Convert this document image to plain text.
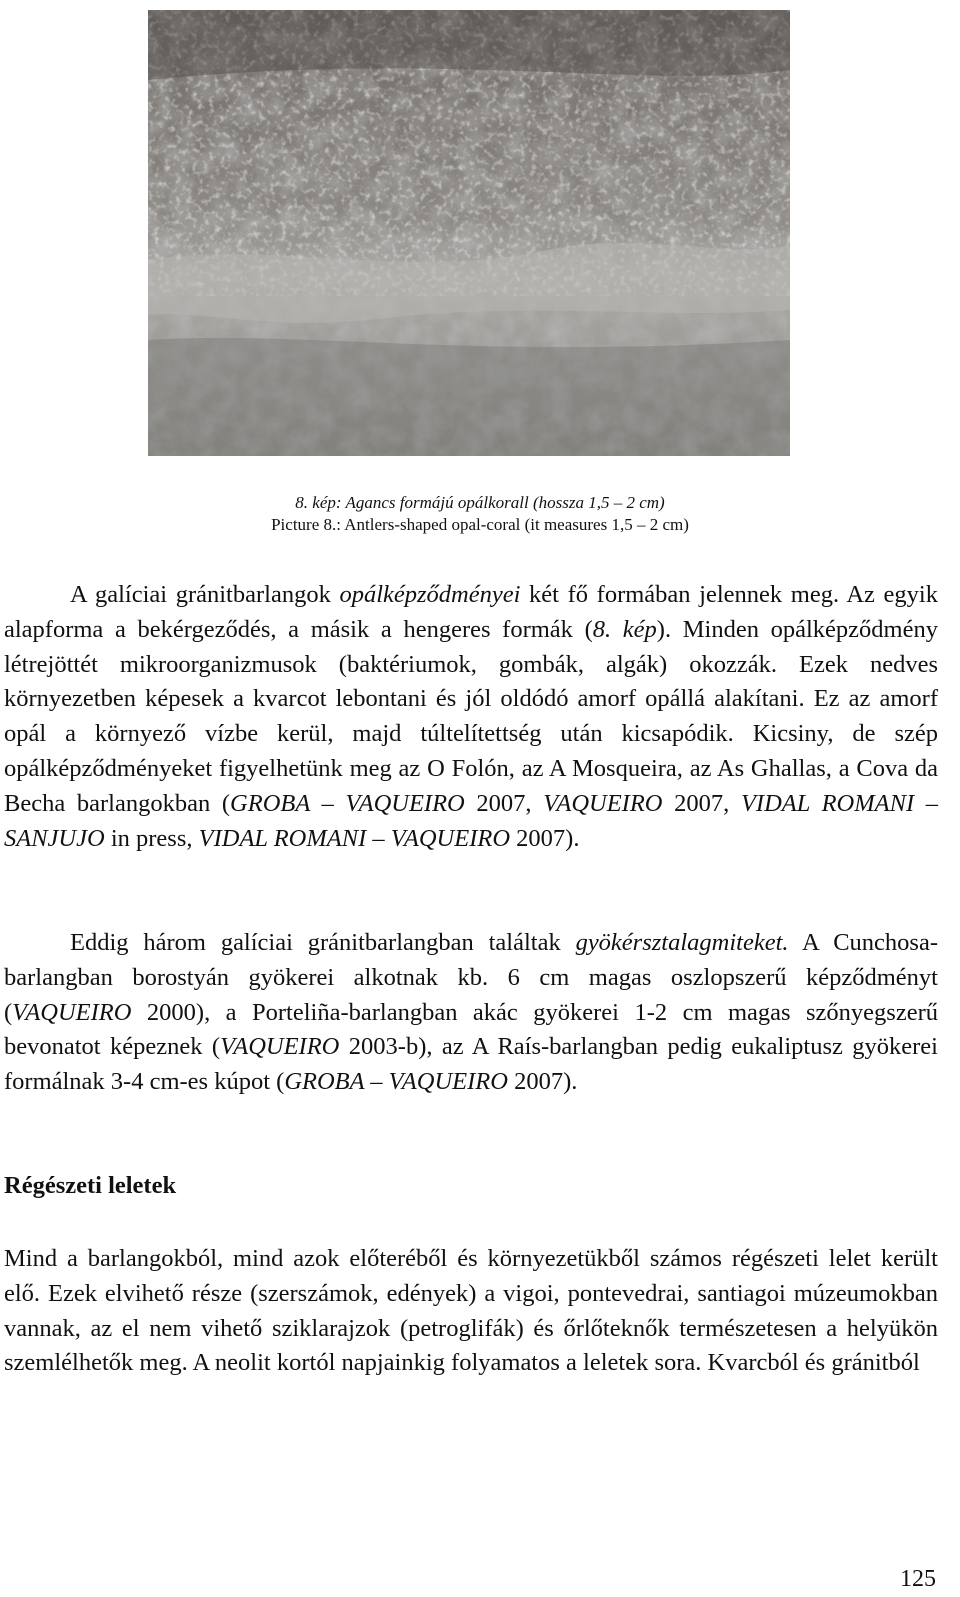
8. kép: Agancs formájú opálkorall (hossza 1,5 – 2 cm)
Picture 8.: Antlers-shaped opal-coral (it measures 1,5 – 2 cm)
A galíciai gránitbarlangok opálképződményei két fő formában jelennek meg. Az egyik alapforma a bekérgeződés, a másik a hengeres formák (8. kép). Minden opálképződmény létrejöttét mikroorganizmusok (baktériumok, gombák, algák) okozzák. Ezek nedves környezetben képesek a kvarcot lebontani és jól oldódó amorf opállá alakítani. Ez az amorf opál a környező vízbe kerül, majd túltelítettség után kicsapódik. Kicsiny, de szép opálképződményeket figyelhetünk meg az O Folón, az A Mosqueira, az As Ghallas, a Cova da Becha barlangokban (GROBA – VAQUEIRO 2007, VAQUEIRO 2007, VIDAL ROMANI – SANJUJO in press, VIDAL ROMANI – VAQUEIRO 2007).
Eddig három galíciai gránitbarlangban találtak gyökérsztalagmiteket. A Cunchosa-barlangban borostyán gyökerei alkotnak kb. 6 cm magas oszlopszerű képződményt (VAQUEIRO 2000), a Porteliña-barlangban akác gyökerei 1-2 cm magas szőnyegszerű bevonatot képeznek (VAQUEIRO 2003-b), az A Raís-barlangban pedig eukaliptusz gyökerei formálnak 3-4 cm-es kúpot (GROBA – VAQUEIRO 2007).
Régészeti leletek
Mind a barlangokból, mind azok előteréből és környezetükből számos régészeti lelet került elő. Ezek elvihető része (szerszámok, edények) a vigoi, pontevedrai, santiagoi múzeumokban vannak, az el nem vihető sziklarajzok (petroglifák) és őrlőteknők természetesen a helyükön szemlélhetők meg. A neolit kortól napjainkig folyamatos a leletek sora. Kvarcból és gránitból
125
